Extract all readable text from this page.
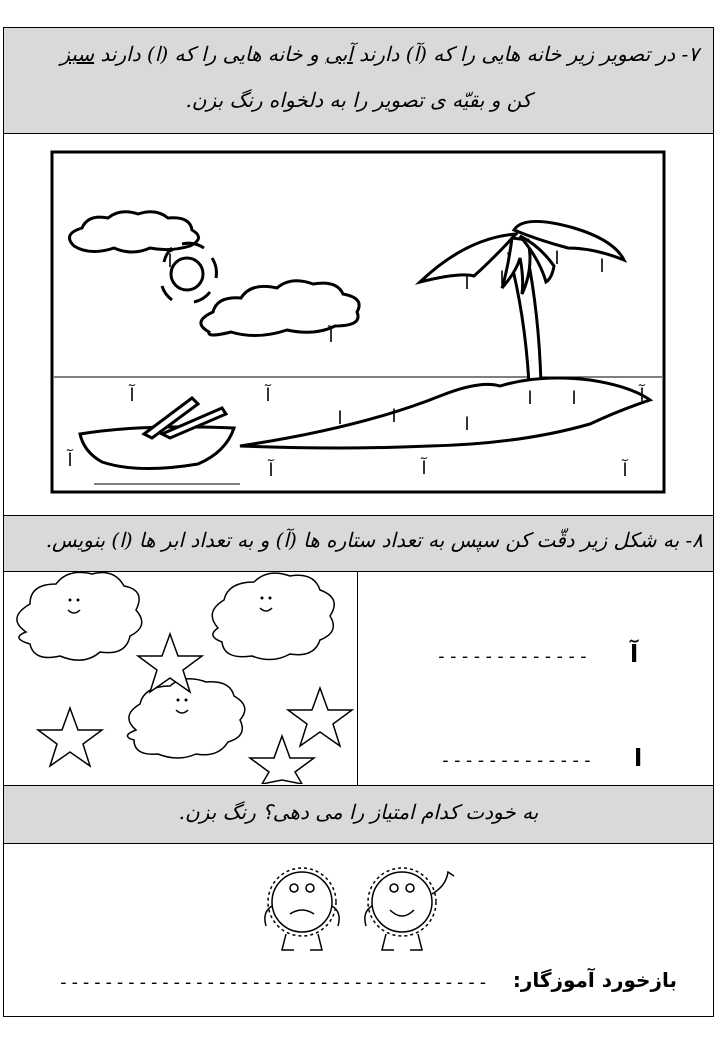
۷- در تصویر زیر خانه هایی را که (آ) دارند آبی و خانه هایی را که (ا) دارند سبز

کن و بقیّه ی تصویر را به دلخواه رنگ بزن.

آ
آ
ا ا
ا ا
آ	آ	آ
آ	آ	آ	آ
ا	ا	ا
ا
ا

۸- به شکل زیر دقّت کن سپس به تعداد ستاره ها (آ) و به تعداد ابر ها (ا) بنویس.

آ
-------------
ا
-------------

به خودت کدام امتیاز را می دهی؟ رنگ بزن.

بازخورد آموزگار:
--------------------------------------
